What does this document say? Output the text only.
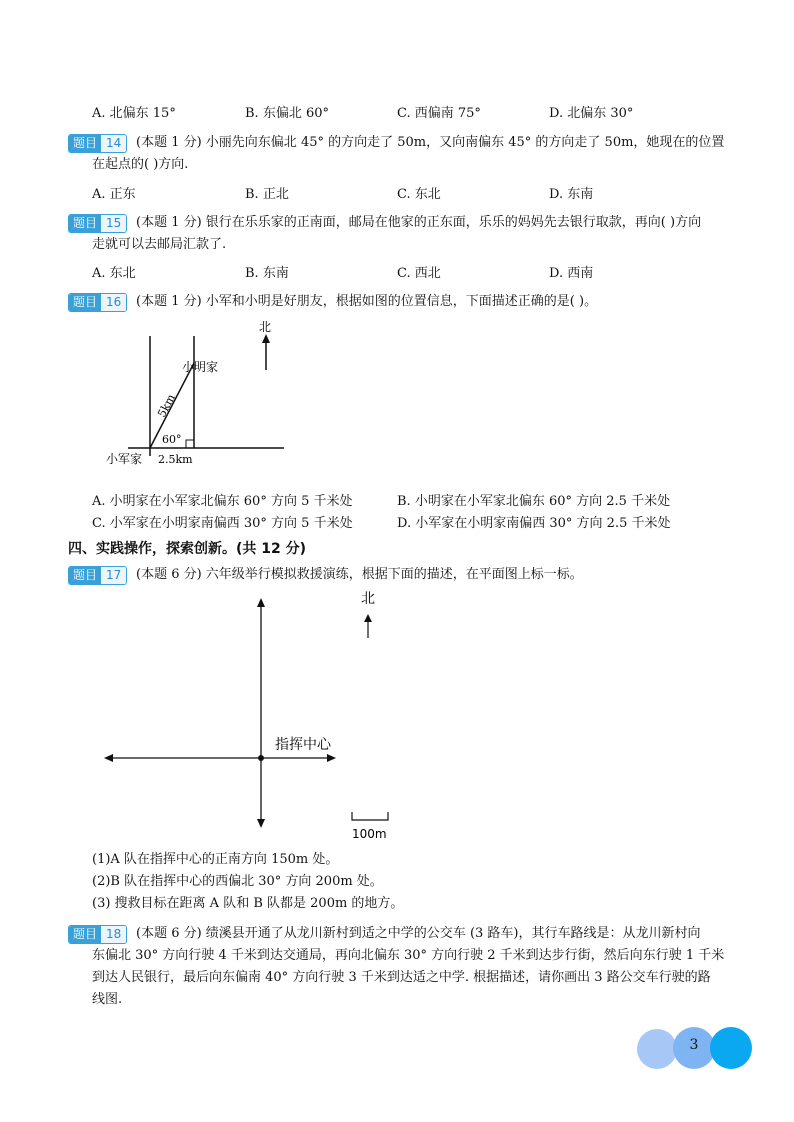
A. 北偏东 15°	B. 东偏北 60°	C. 西偏南 75°	D. 北偏东 30°
题目 14	(本题 1 分) 小丽先向东偏北 45° 的方向走了 50m，又向南偏东 45° 的方向走了 50m，她现在的位置
在起点的( )方向.
A. 正东	B. 正北	C. 东北	D. 东南
题目 15	(本题 1 分) 银行在乐乐家的正南面，邮局在他家的正东面，乐乐的妈妈先去银行取款，再向( )方向
走就可以去邮局汇款了.
A. 东北	B. 东南	C. 西北	D. 西南
题目 16	(本题 1 分) 小军和小明是好朋友，根据如图的位置信息，下面描述正确的是( )。
北
小明家
小军家
5km
60°
2.5km
A. 小明家在小军家北偏东 60° 方向 5 千米处	B. 小明家在小军家北偏东 60° 方向 2.5 千米处
C. 小军家在小明家南偏西 30° 方向 5 千米处	D. 小军家在小明家南偏西 30° 方向 2.5 千米处
四、实践操作，探索创新。(共 12 分)
题目 17	(本题 6 分) 六年级举行模拟救援演练，根据下面的描述，在平面图上标一标。
指挥中心
北
100m
(1)A 队在指挥中心的正南方向 150m 处。
(2)B 队在指挥中心的西偏北 30° 方向 200m 处。
(3) 搜救目标在距离 A 队和 B 队都是 200m 的地方。
题目 18	(本题 6 分) 绩溪县开通了从龙川新村到适之中学的公交车 (3 路车)，其行车路线是：从龙川新村向
东偏北 30° 方向行驶 4 千米到达交通局，再向北偏东 30° 方向行驶 2 千米到达步行街，然后向东行驶 1 千米
到达人民银行，最后向东偏南 40° 方向行驶 3 千米到达适之中学. 根据描述，请你画出 3 路公交车行驶的路
线图.
3
